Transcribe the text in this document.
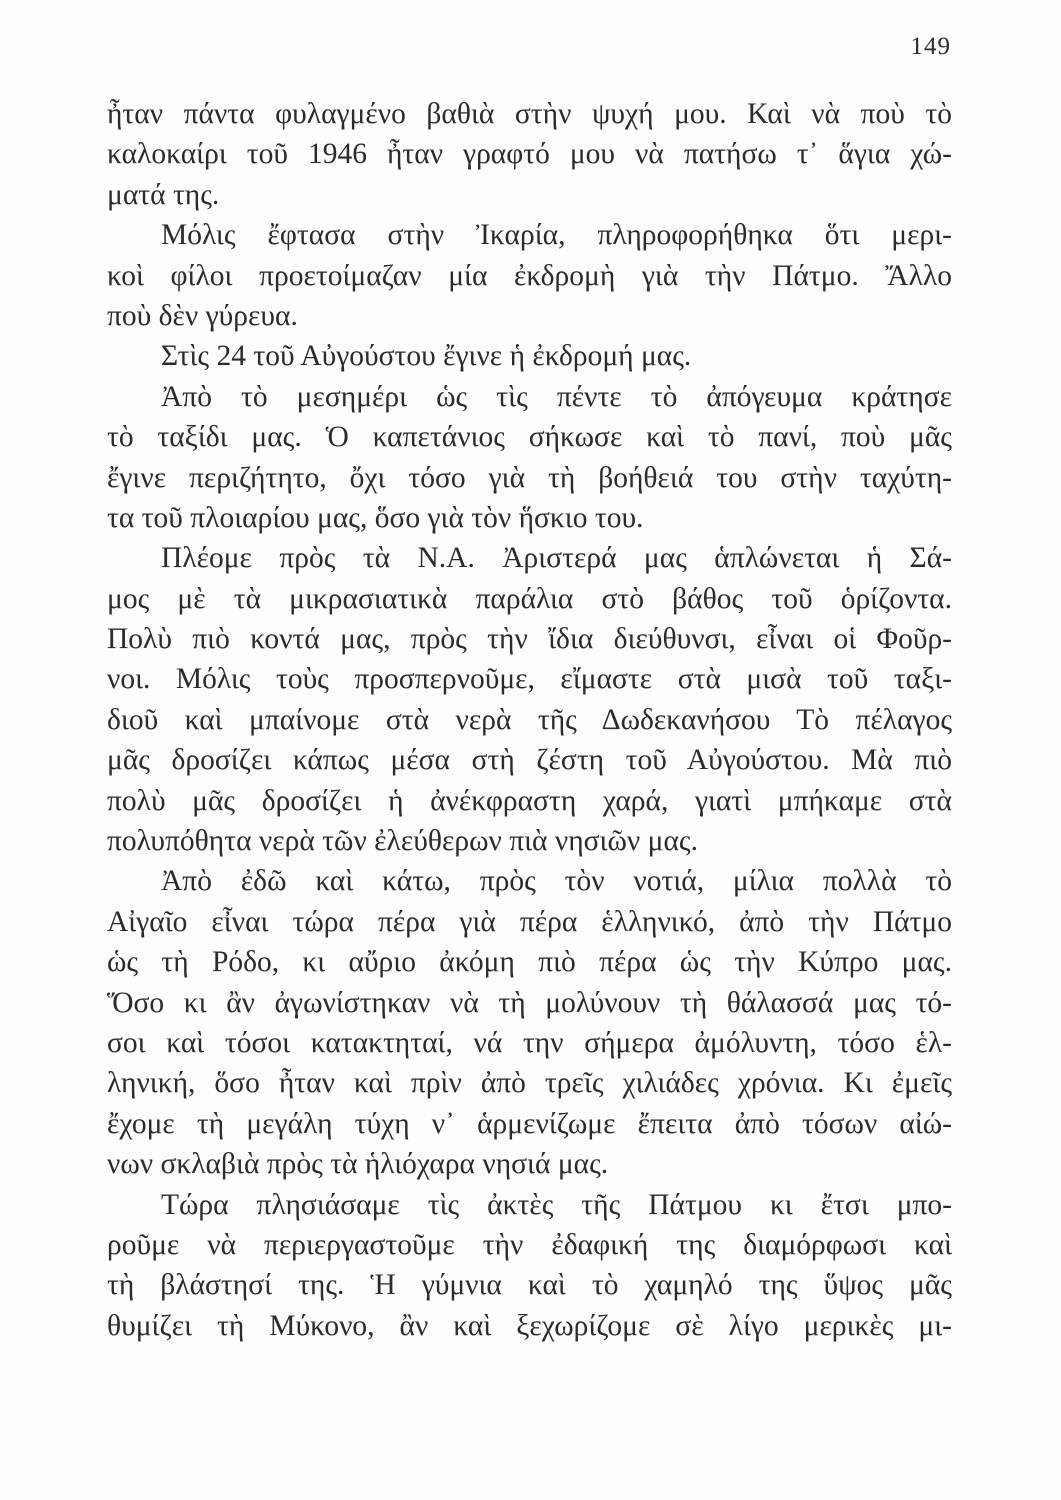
149
ἦταν πάντα φυλαγμένο βαθιὰ στὴν ψυχή μου. Καὶ νὰ ποὺ τὸ
καλοκαίρι τοῦ 1946 ἦταν γραφτό μου νὰ πατήσω τ᾽ ἅγια χώ-
ματά της.
Μόλις ἔφτασα στὴν Ἰκαρία, πληροφορήθηκα ὅτι μερι-
κοὶ φίλοι προετοίμαζαν μία ἐκδρομὴ γιὰ τὴν Πάτμο. Ἄλλο
ποὺ δὲν γύρευα.
Στὶς 24 τοῦ Αὐγούστου ἔγινε ἡ ἐκδρομή μας.
Ἀπὸ τὸ μεσημέρι ὡς τὶς πέντε τὸ ἀπόγευμα κράτησε
τὸ ταξίδι μας. Ὁ καπετάνιος σήκωσε καὶ τὸ πανί, ποὺ μᾶς
ἔγινε περιζήτητο, ὄχι τόσο γιὰ τὴ βοήθειά του στὴν ταχύτη-
τα τοῦ πλοιαρίου μας, ὅσο γιὰ τὸν ἥσκιο του.
Πλέομε πρὸς τὰ Ν.Α. Ἀριστερά μας ἁπλώνεται ἡ Σά-
μος μὲ τὰ μικρασιατικὰ παράλια στὸ βάθος τοῦ ὁρίζοντα.
Πολὺ πιὸ κοντά μας, πρὸς τὴν ἴδια διεύθυνσι, εἶναι οἱ Φοῦρ-
νοι. Μόλις τοὺς προσπερνοῦμε, εἴμαστε στὰ μισὰ τοῦ ταξι-
διοῦ καὶ μπαίνομε στὰ νερὰ τῆς Δωδεκανήσου Τὸ πέλαγος
μᾶς δροσίζει κάπως μέσα στὴ ζέστη τοῦ Αὐγούστου. Μὰ πιὸ
πολὺ μᾶς δροσίζει ἡ ἀνέκφραστη χαρά, γιατὶ μπήκαμε στὰ
πολυπόθητα νερὰ τῶν ἐλεύθερων πιὰ νησιῶν μας.
Ἀπὸ ἐδῶ καὶ κάτω, πρὸς τὸν νοτιά, μίλια πολλὰ τὸ
Αἰγαῖο εἶναι τώρα πέρα γιὰ πέρα ἑλληνικό, ἀπὸ τὴν Πάτμο
ὡς τὴ Ρόδο, κι αὔριο ἀκόμη πιὸ πέρα ὡς τὴν Κύπρο μας.
Ὅσο κι ἂν ἀγωνίστηκαν νὰ τὴ μολύνουν τὴ θάλασσά μας τό-
σοι καὶ τόσοι κατακτηταί, νά την σήμερα ἀμόλυντη, τόσο ἑλ-
ληνική, ὅσο ἦταν καὶ πρὶν ἀπὸ τρεῖς χιλιάδες χρόνια. Κι ἐμεῖς
ἔχομε τὴ μεγάλη τύχη ν᾽ ἁρμενίζωμε ἔπειτα ἀπὸ τόσων αἰώ-
νων σκλαβιὰ πρὸς τὰ ἡλιόχαρα νησιά μας.
Τώρα πλησιάσαμε τὶς ἀκτὲς τῆς Πάτμου κι ἔτσι μπο-
ροῦμε νὰ περιεργαστοῦμε τὴν ἐδαφική της διαμόρφωσι καὶ
τὴ βλάστησί της. Ἡ γύμνια καὶ τὸ χαμηλό της ὕψος μᾶς
θυμίζει τὴ Μύκονο, ἂν καὶ ξεχωρίζομε σὲ λίγο μερικὲς μι-
